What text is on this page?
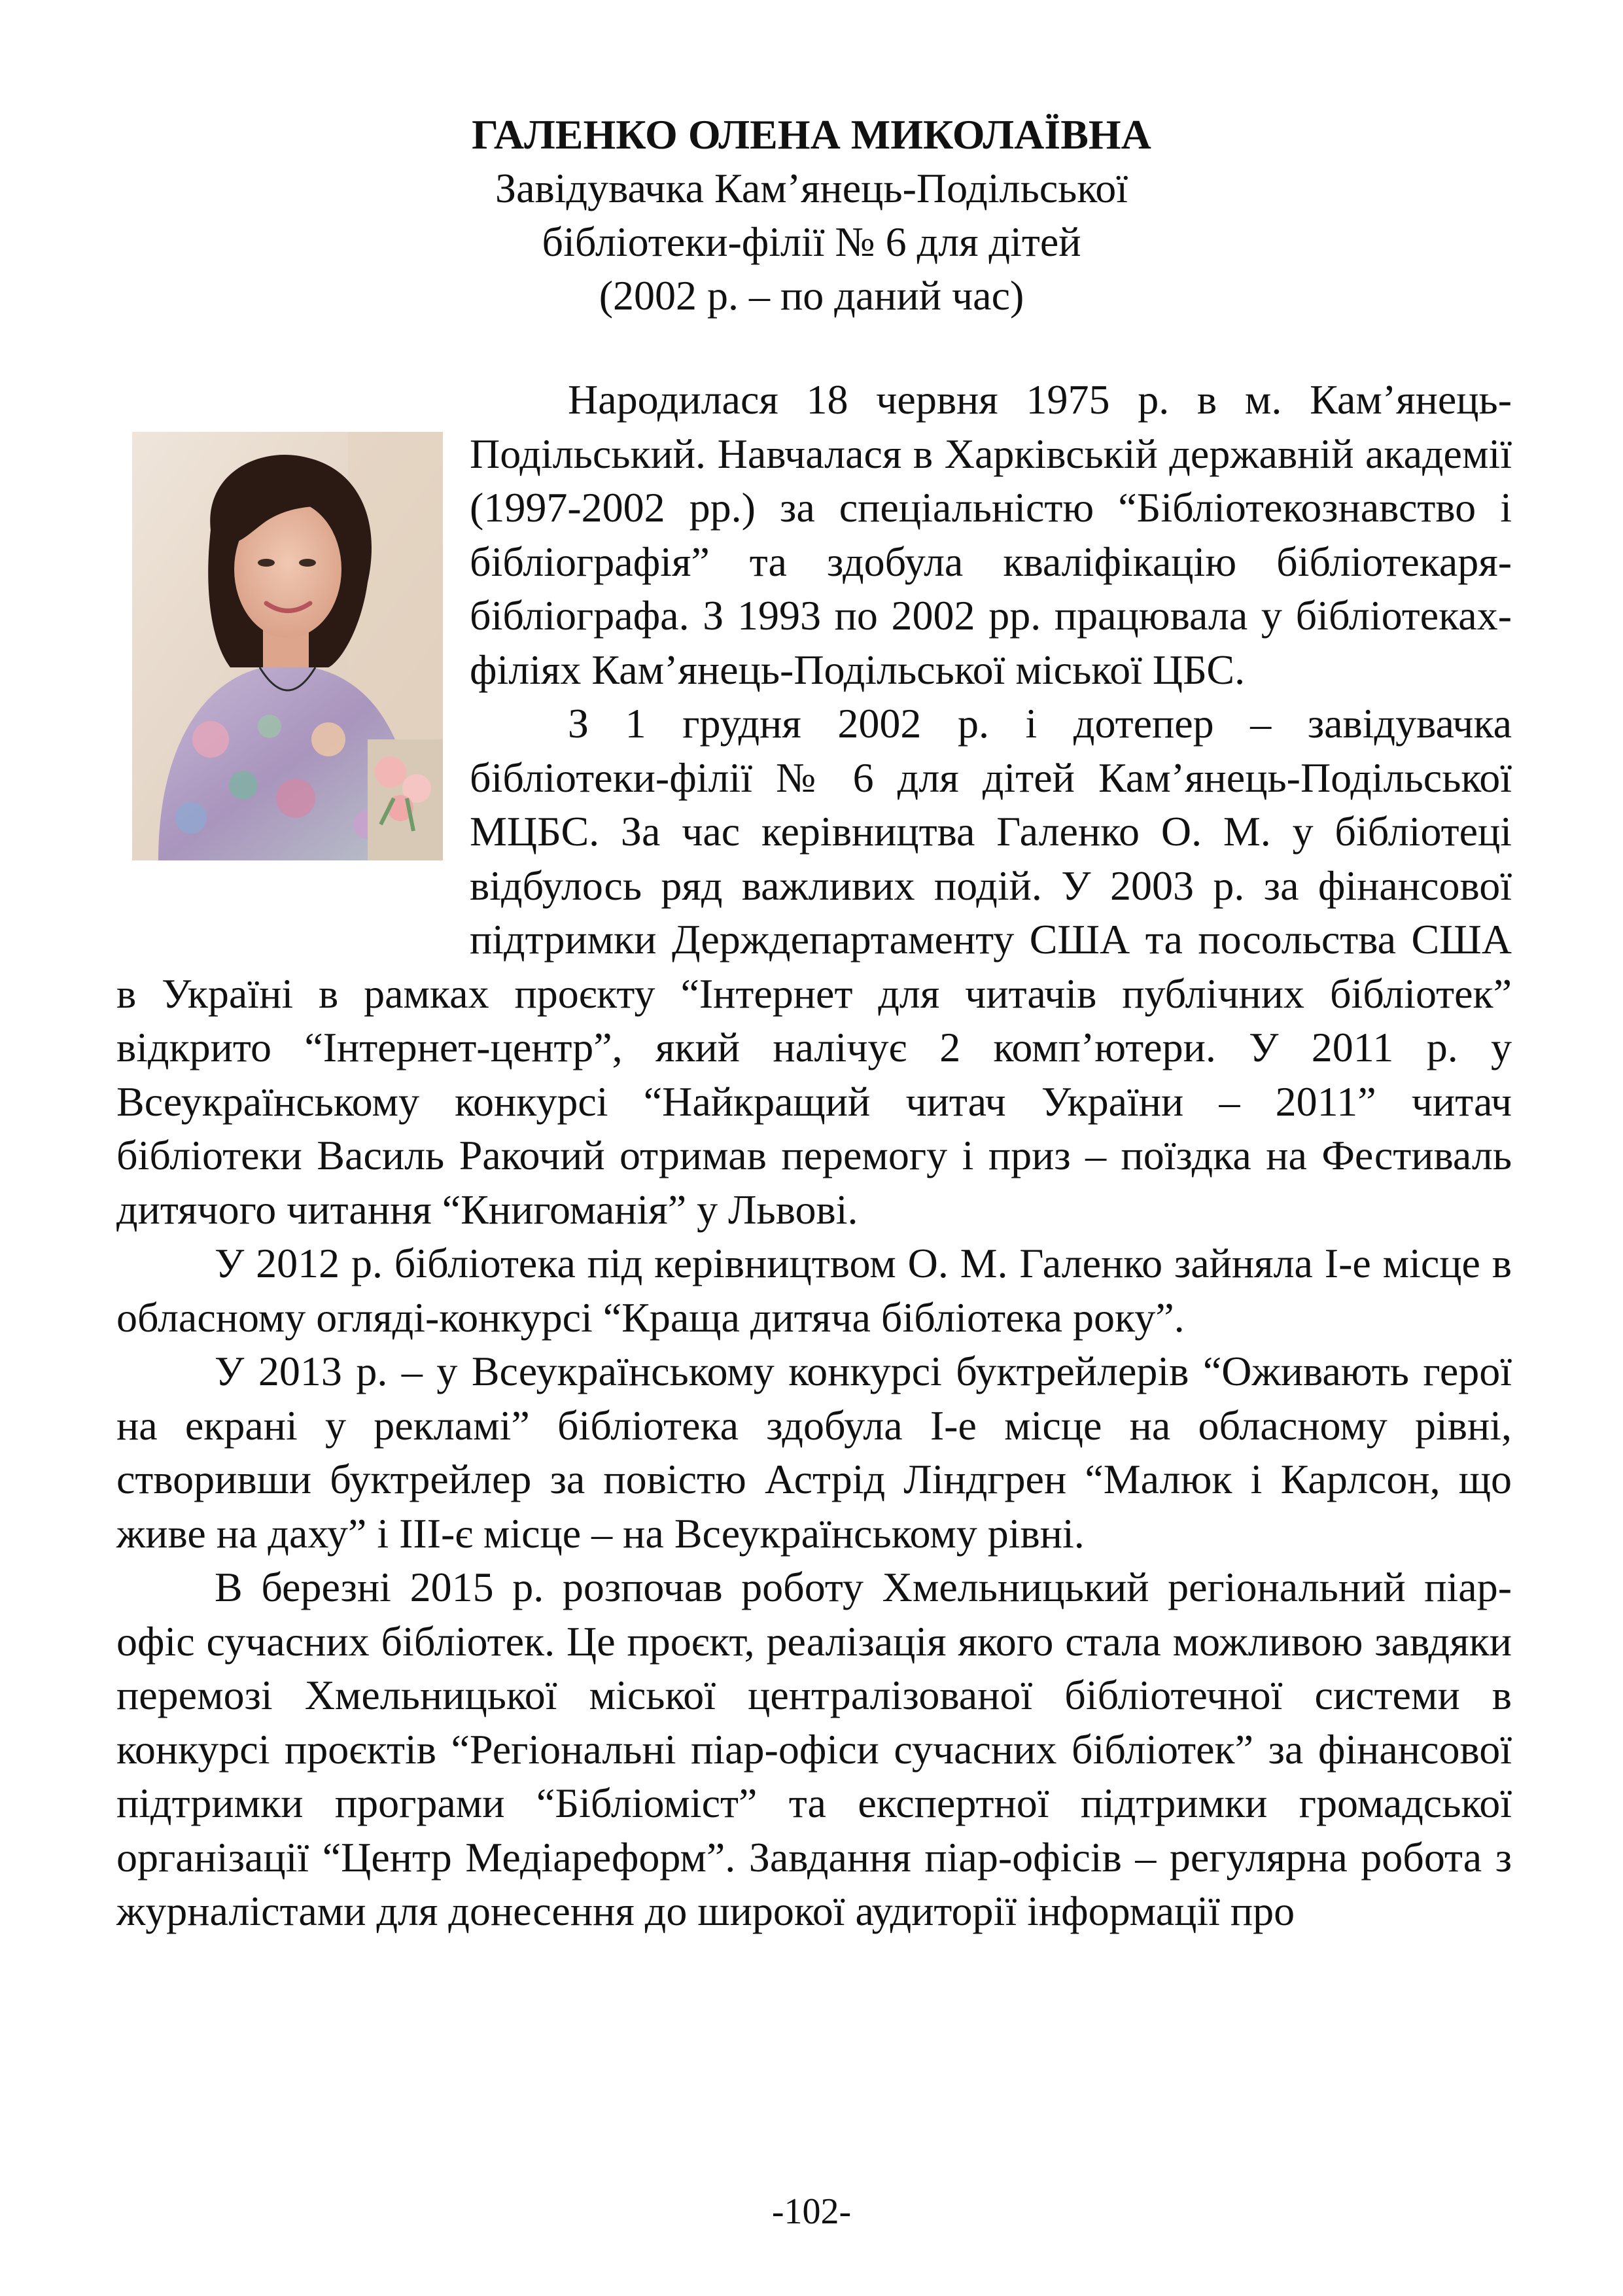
ГАЛЕНКО ОЛЕНА МИКОЛАЇВНА
Завідувачка Кам’янець-Подільської
бібліотеки-філії № 6 для дітей
(2002 р. – по даний час)

Народилася 18 червня 1975 р. в м. Кам’янець-Подільський. Навчалася в Харківській державній академії (1997-2002 рр.) за спеціальністю “Бібліотекознавство і бібліографія” та здобула кваліфікацію бібліотекаря-бібліографа. З 1993 по 2002 рр. працювала у бібліотеках-філіях Кам’янець-Подільської міської ЦБС.

З 1 грудня 2002 р. і дотепер – завідувачка бібліотеки-філії № 6 для дітей Кам’янець-Подільської МЦБС. За час керівництва Галенко О. М. у бібліотеці відбулось ряд важливих подій. У 2003 р. за фінансової підтримки Держдепартаменту США та посольства США в Україні в рамках проєкту “Інтернет для читачів публічних бібліотек” відкрито “Інтернет-центр”, який налічує 2 комп’ютери. У 2011 р. у Всеукраїнському конкурсі “Найкращий читач України – 2011” читач бібліотеки Василь Ракочий отримав перемогу і приз – поїздка на Фестиваль дитячого читання “Книгоманія” у Львові.

У 2012 р. бібліотека під керівництвом О. М. Галенко зайняла І-е місце в обласному огляді-конкурсі “Краща дитяча бібліотека року”.

У 2013 р. – у Всеукраїнському конкурсі буктрейлерів “Оживають герої на екрані у рекламі” бібліотека здобула І-е місце на обласному рівні, створивши буктрейлер за повістю Астрід Ліндгрен “Малюк і Карлсон, що живе на даху” і ІІІ-є місце – на Всеукраїнському рівні.

В березні 2015 р. розпочав роботу Хмельницький регіональний піар-офіс сучасних бібліотек. Це проєкт, реалізація якого стала можливою завдяки перемозі Хмельницької міської централізованої бібліотечної системи в конкурсі проєктів “Регіональні піар-офіси сучасних бібліотек” за фінансової підтримки програми “Бібліоміст” та експертної підтримки громадської організації “Центр Медіареформ”. Завдання піар-офісів – регулярна робота з журналістами для донесення до широкої аудиторії інформації про

-102-
